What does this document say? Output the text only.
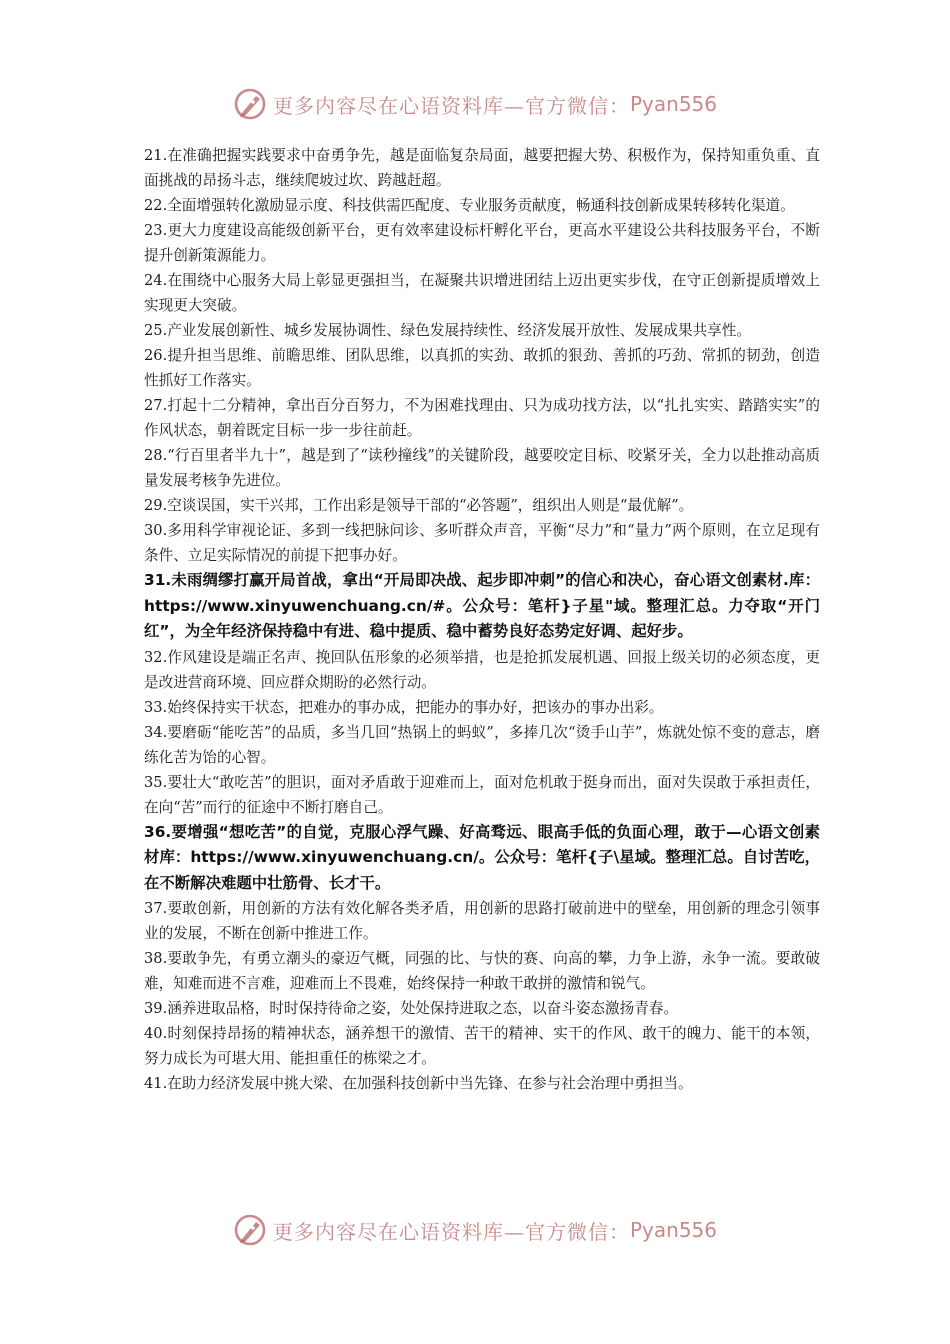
更多内容尽在心语资料库—官方微信： Pyan556

21.在准确把握实践要求中奋勇争先，越是面临复杂局面，越要把握大势、积极作为，保持知重负重、直面挑战的昂扬斗志，继续爬坡过坎、跨越赶超。

22.全面增强转化激励显示度、科技供需匹配度、专业服务贡献度，畅通科技创新成果转移转化渠道。

23.更大力度建设高能级创新平台，更有效率建设标杆孵化平台，更高水平建设公共科技服务平台，不断提升创新策源能力。

24.在围绕中心服务大局上彰显更强担当，在凝聚共识增进团结上迈出更实步伐，在守正创新提质增效上实现更大突破。

25.产业发展创新性、城乡发展协调性、绿色发展持续性、经济发展开放性、发展成果共享性。

26.提升担当思维、前瞻思维、团队思维，以真抓的实劲、敢抓的狠劲、善抓的巧劲、常抓的韧劲，创造性抓好工作落实。

27.打起十二分精神，拿出百分百努力，不为困难找理由、只为成功找方法，以“扎扎实实、踏踏实实”的作风状态，朝着既定目标一步一步往前赶。

28.“行百里者半九十”，越是到了“读秒撞线”的关键阶段，越要咬定目标、咬紧牙关，全力以赴推动高质量发展考核争先进位。

29.空谈误国，实干兴邦，工作出彩是领导干部的“必答题”，组织出人则是“最优解”。

30.多用科学审视论证、多到一线把脉问诊、多听群众声音，平衡“尽力”和“量力”两个原则，在立足现有条件、立足实际情况的前提下把事办好。

31.未雨绸缪打赢开局首战，拿出“开局即决战、起步即冲刺”的信心和决心，奋心语文创素材.库：https://www.xinyuwenchuang.cn/#。公众号：笔杆}子星"域。整理汇总。力夺取“开门红”，为全年经济保持稳中有进、稳中提质、稳中蓄势良好态势定好调、起好步。

32.作风建设是端正名声、挽回队伍形象的必须举措，也是抢抓发展机遇、回报上级关切的必须态度，更是改进营商环境、回应群众期盼的必然行动。

33.始终保持实干状态，把难办的事办成，把能办的事办好，把该办的事办出彩。

34.要磨砺“能吃苦”的品质，多当几回“热锅上的蚂蚁”，多捧几次“烫手山芋”，炼就处惊不变的意志，磨练化苦为饴的心智。

35.要壮大“敢吃苦”的胆识，面对矛盾敢于迎难而上，面对危机敢于挺身而出，面对失误敢于承担责任，在向“苦”而行的征途中不断打磨自己。

36.要增强“想吃苦”的自觉，克服心浮气躁、好高骛远、眼高手低的负面心理，敢于—心语文创素材库：https://www.xinyuwenchuang.cn/。公众号：笔杆{子\星域。整理汇总。自讨苦吃，在不断解决难题中壮筋骨、长才干。

37.要敢创新，用创新的方法有效化解各类矛盾，用创新的思路打破前进中的壁垒，用创新的理念引领事业的发展，不断在创新中推进工作。

38.要敢争先，有勇立潮头的豪迈气概，同强的比、与快的赛、向高的攀，力争上游，永争一流。要敢破难，知难而进不言难，迎难而上不畏难，始终保持一种敢干敢拼的激情和锐气。

39.涵养进取品格，时时保持待命之姿，处处保持进取之态，以奋斗姿态激扬青春。

40.时刻保持昂扬的精神状态，涵养想干的激情、苦干的精神、实干的作风、敢干的魄力、能干的本领，努力成长为可堪大用、能担重任的栋梁之才。

41.在助力经济发展中挑大梁、在加强科技创新中当先锋、在参与社会治理中勇担当。

更多内容尽在心语资料库—官方微信： Pyan556
